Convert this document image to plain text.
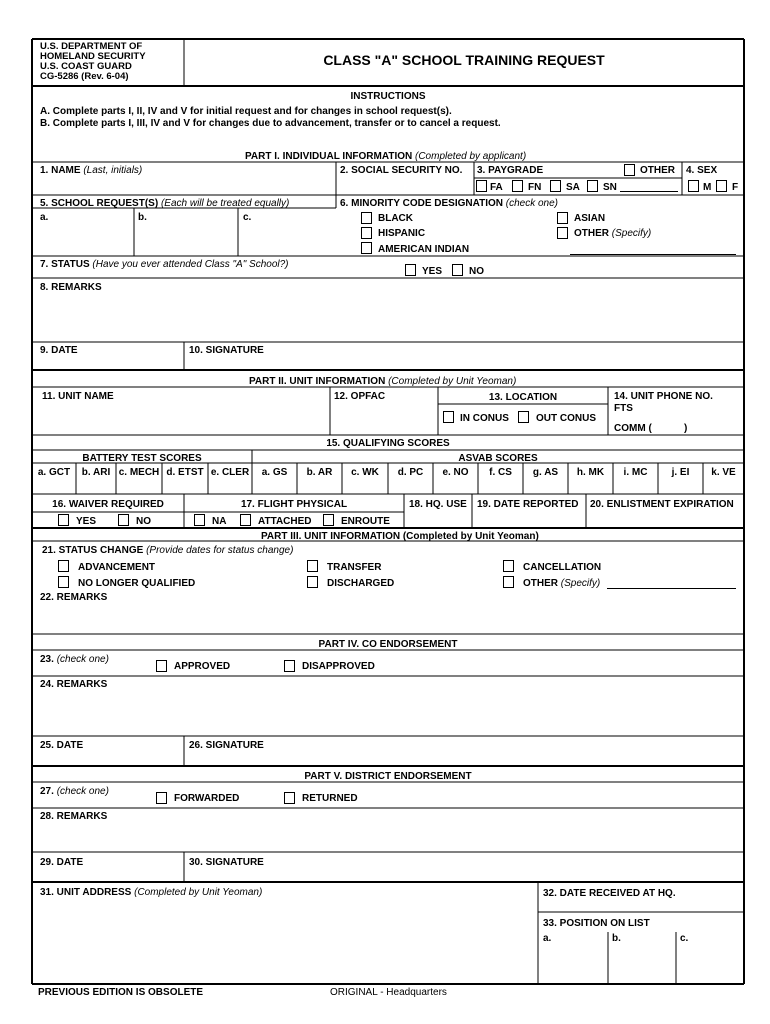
U.S. DEPARTMENT OF
HOMELAND SECURITY
U.S. COAST GUARD
CG-5286 (Rev. 6-04)
CLASS "A" SCHOOL TRAINING REQUEST
INSTRUCTIONS
A. Complete parts I, II, IV and V for initial request and for changes in school request(s).
B. Complete parts I, III, IV and V for changes due to advancement, transfer or to cancel a request.
PART I. INDIVIDUAL INFORMATION (Completed by applicant)
1. NAME (Last, initials)	2. SOCIAL SECURITY NO. 3. PAYGRADE	OTHER 4. SEX
FA	FN SA SN	M F
5. SCHOOL REQUEST(S) (Each will be treated equally)
a.	b.	c.
6. MINORITY CODE DESIGNATION (check one)
BLACK
HISPANIC
AMERICAN INDIAN
ASIAN
OTHER (Specify)
7. STATUS (Have you ever attended Class "A" School?)
YES	NO
8. REMARKS
9. DATE	10. SIGNATURE
PART II. UNIT INFORMATION (Completed by Unit Yeoman)
11. UNIT NAME	12. OPFAC	13. LOCATION
IN CONUS	OUT CONUS
14. UNIT PHONE NO.
FTS
COMM (	)
15. QUALIFYING SCORES
BATTERY TEST SCORES	ASVAB SCORES
a. GCT	b. ARI c. MECH d. ETST e. CLER	a. GS	b. AR	c. WK	d. PC	e. NO	f. CS	g. AS	h. MK	i. MC	j. EI	k. VE
16. WAIVER REQUIRED
YES	NO
17. FLIGHT PHYSICAL
NA	ATTACHED	ENROUTE
18. HQ. USE 19. DATE REPORTED 20. ENLISTMENT EXPIRATION
PART III. UNIT INFORMATION (Completed by Unit Yeoman)
21. STATUS CHANGE (Provide dates for status change)
ADVANCEMENT
NO LONGER QUALIFIED
TRANSFER
DISCHARGED
CANCELLATION
OTHER (Specify)
22. REMARKS
PART IV. CO ENDORSEMENT
23. (check one)
APPROVED	DISAPPROVED
24. REMARKS
25. DATE	26. SIGNATURE
PART V. DISTRICT ENDORSEMENT
27. (check one)
FORWARDED	RETURNED
28. REMARKS
29. DATE	30. SIGNATURE
31. UNIT ADDRESS (Completed by Unit Yeoman)	32. DATE RECEIVED AT HQ.
33. POSITION ON LIST
a.	b.	c.
PREVIOUS EDITION IS OBSOLETE	ORIGINAL - Headquarters
